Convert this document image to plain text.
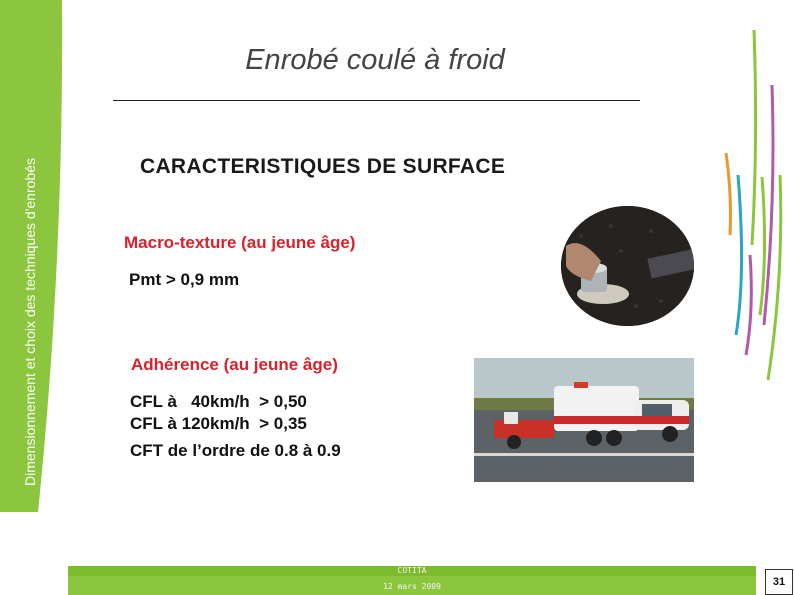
Dimensionnement et choix des techniques d'enrobés
Enrobé coulé à froid
CARACTERISTIQUES DE SURFACE
Macro-texture (au jeune âge)
Pmt > 0,9 mm
Adhérence (au jeune âge)
CFL à   40km/h  > 0,50
CFL à 120km/h  > 0,35
CFT de l’ordre de 0.8 à 0.9
COTITA
12 mars 2009	31
